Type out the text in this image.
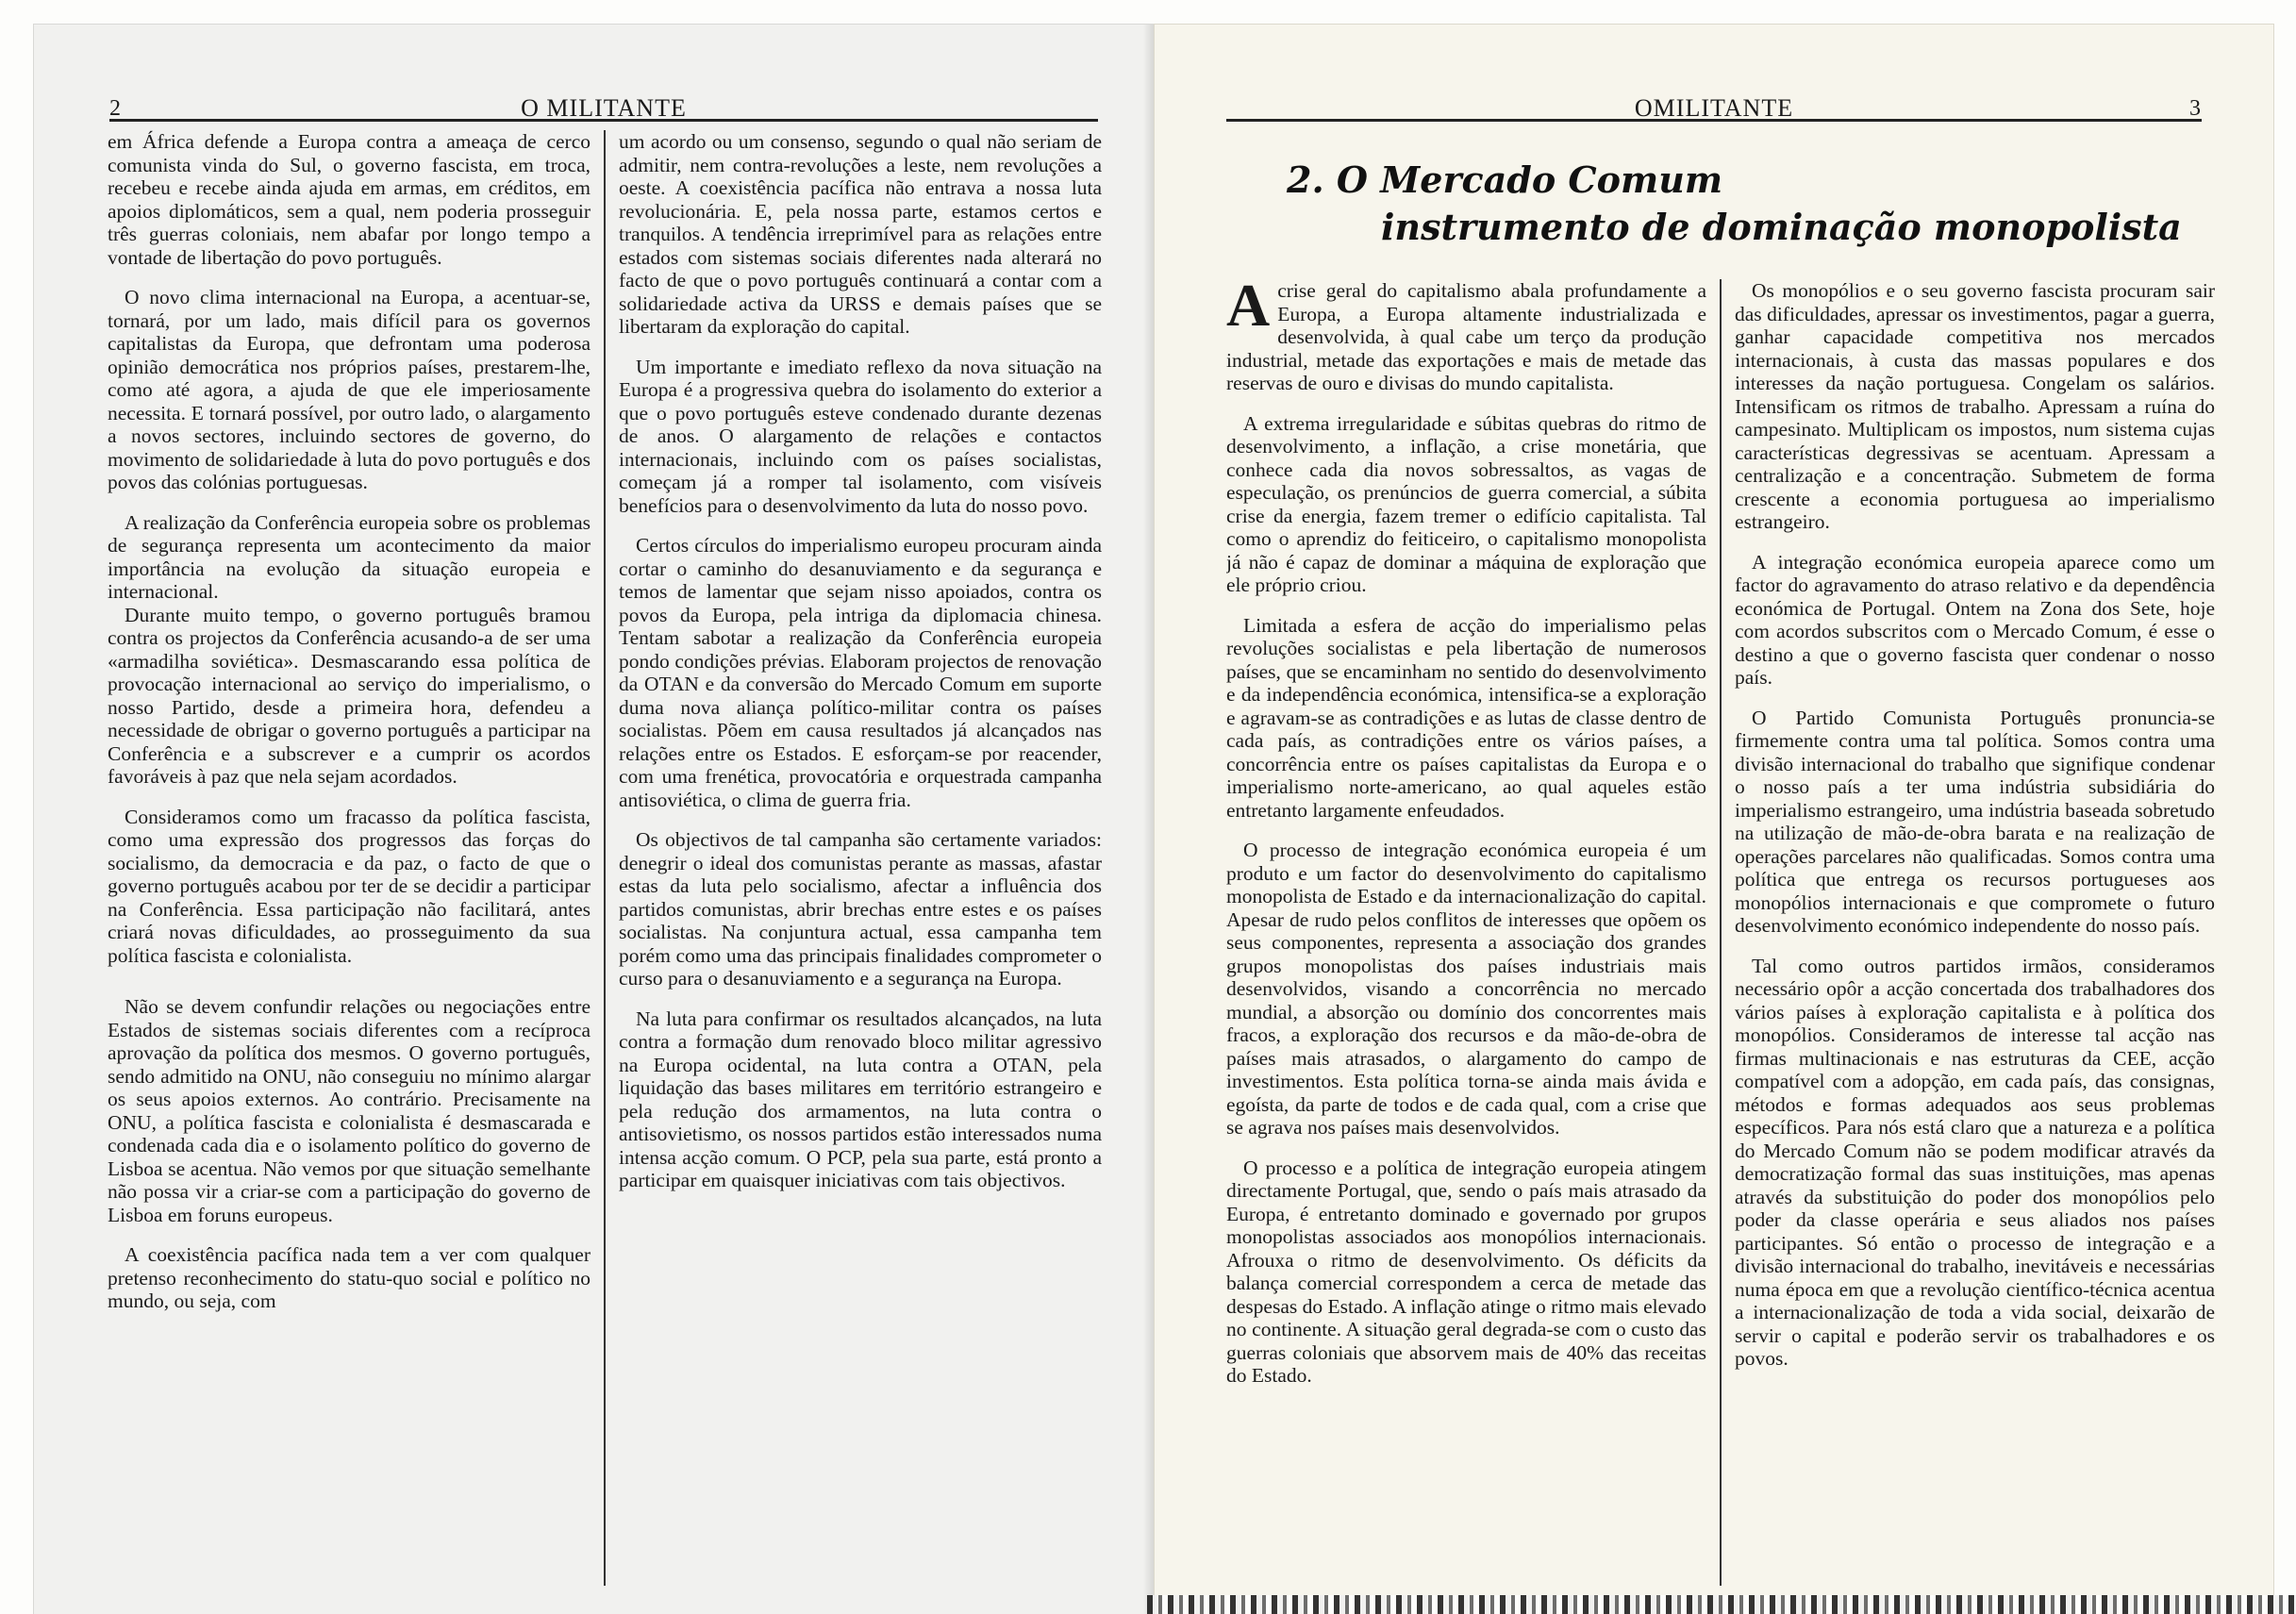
2	O MILITANTE

em África defende a Europa contra a ameaça de cerco comunista vinda do Sul, o governo fascista, em troca, recebeu e recebe ainda ajuda em armas, em créditos, em apoios diplomáticos, sem a qual, nem poderia prosseguir três guerras coloniais, nem abafar por longo tempo a vontade de libertação do povo português.

O novo clima internacional na Europa, a acentuar-se, tornará, por um lado, mais difícil para os governos capitalistas da Europa, que defrontam uma poderosa opinião democrática nos próprios países, prestarem-lhe, como até agora, a ajuda de que ele imperiosamente necessita. E tornará possível, por outro lado, o alargamento a novos sectores, incluindo sectores de governo, do movimento de solidariedade à luta do povo português e dos povos das colónias portuguesas.

A realização da Conferência europeia sobre os problemas de segurança representa um acontecimento da maior importância na evolução da situação europeia e internacional.

Durante muito tempo, o governo português bramou contra os projectos da Conferência acusando-a de ser uma «armadilha soviética». Desmascarando essa política de provocação internacional ao serviço do imperialismo, o nosso Partido, desde a primeira hora, defendeu a necessidade de obrigar o governo português a participar na Conferência e a subscrever e a cumprir os acordos favoráveis à paz que nela sejam acordados.

Consideramos como um fracasso da política fascista, como uma expressão dos progressos das forças do socialismo, da democracia e da paz, o facto de que o governo português acabou por ter de se decidir a participar na Conferência. Essa participação não facilitará, antes criará novas dificuldades, ao prosseguimento da sua política fascista e colonialista.

Não se devem confundir relações ou negociações entre Estados de sistemas sociais diferentes com a recíproca aprovação da política dos mesmos. O governo português, sendo admitido na ONU, não conseguiu no mínimo alargar os seus apoios externos. Ao contrário. Precisamente na ONU, a política fascista e colonialista é desmascarada e condenada cada dia e o isolamento político do governo de Lisboa se acentua. Não vemos por que situação semelhante não possa vir a criar-se com a participação do governo de Lisboa em foruns europeus.

A coexistência pacífica nada tem a ver com qualquer pretenso reconhecimento do statu-quo social e político no mundo, ou seja, com

um acordo ou um consenso, segundo o qual não seriam de admitir, nem contra-revoluções a leste, nem revoluções a oeste. A coexistência pacífica não entrava a nossa luta revolucionária. E, pela nossa parte, estamos certos e tranquilos. A tendência irreprimível para as relações entre estados com sistemas sociais diferentes nada alterará no facto de que o povo português continuará a contar com a solidariedade activa da URSS e demais países que se libertaram da exploração do capital.

Um importante e imediato reflexo da nova situação na Europa é a progressiva quebra do isolamento do exterior a que o povo português esteve condenado durante dezenas de anos. O alargamento de relações e contactos internacionais, incluindo com os países socialistas, começam já a romper tal isolamento, com visíveis benefícios para o desenvolvimento da luta do nosso povo.

Certos círculos do imperialismo europeu procuram ainda cortar o caminho do desanuviamento e da segurança e temos de lamentar que sejam nisso apoiados, contra os povos da Europa, pela intriga da diplomacia chinesa. Tentam sabotar a realização da Conferência europeia pondo condições prévias. Elaboram projectos de renovação da OTAN e da conversão do Mercado Comum em suporte duma nova aliança político-militar contra os países socialistas. Põem em causa resultados já alcançados nas relações entre os Estados. E esforçam-se por reacender, com uma frenética, provocatória e orquestrada campanha antisoviética, o clima de guerra fria.

Os objectivos de tal campanha são certamente variados: denegrir o ideal dos comunistas perante as massas, afastar estas da luta pelo socialismo, afectar a influência dos partidos comunistas, abrir brechas entre estes e os países socialistas. Na conjuntura actual, essa campanha tem porém como uma das principais finalidades comprometer o curso para o desanuviamento e a segurança na Europa.

Na luta para confirmar os resultados alcançados, na luta contra a formação dum renovado bloco militar agressivo na Europa ocidental, na luta contra a OTAN, pela liquidação das bases militares em território estrangeiro e pela redução dos armamentos, na luta contra o antisovietismo, os nossos partidos estão interessados numa intensa acção comum. O PCP, pela sua parte, está pronto a participar em quaisquer iniciativas com tais objectivos.

OMILITANTE	3
2. O Mercado Comum
instrumento de dominação monopolista

A crise geral do capitalismo abala profundamente a Europa, a Europa altamente industrializada e desenvolvida, à qual cabe um terço da produção industrial, metade das exportações e mais de metade das reservas de ouro e divisas do mundo capitalista.

A extrema irregularidade e súbitas quebras do ritmo de desenvolvimento, a inflação, a crise monetária, que conhece cada dia novos sobressaltos, as vagas de especulação, os prenúncios de guerra comercial, a súbita crise da energia, fazem tremer o edifício capitalista. Tal como o aprendiz do feiticeiro, o capitalismo monopolista já não é capaz de dominar a máquina de exploração que ele próprio criou.

Limitada a esfera de acção do imperialismo pelas revoluções socialistas e pela libertação de numerosos países, que se encaminham no sentido do desenvolvimento e da independência económica, intensifica-se a exploração e agravam-se as contradições e as lutas de classe dentro de cada país, as contradições entre os vários países, a concorrência entre os países capitalistas da Europa e o imperialismo norte-americano, ao qual aqueles estão entretanto largamente enfeudados.

O processo de integração económica europeia é um produto e um factor do desenvolvimento do capitalismo monopolista de Estado e da internacionalização do capital. Apesar de rudo pelos conflitos de interesses que opõem os seus componentes, representa a associação dos grandes grupos monopolistas dos países industriais mais desenvolvidos, visando a concorrência no mercado mundial, a absorção ou domínio dos concorrentes mais fracos, a exploração dos recursos e da mão-de-obra de países mais atrasados, o alargamento do campo de investimentos. Esta política torna-se ainda mais ávida e egoísta, da parte de todos e de cada qual, com a crise que se agrava nos países mais desenvolvidos.

O processo e a política de integração europeia atingem directamente Portugal, que, sendo o país mais atrasado da Europa, é entretanto dominado e governado por grupos monopolistas associados aos monopólios internacionais. Afrouxa o ritmo de desenvolvimento. Os déficits da balança comercial correspondem a cerca de metade das despesas do Estado. A inflação atinge o ritmo mais elevado no continente. A situação geral degrada-se com o custo das guerras coloniais que absorvem mais de 40% das receitas do Estado.

Os monopólios e o seu governo fascista procuram sair das dificuldades, apressar os investimentos, pagar a guerra, ganhar capacidade competitiva nos mercados internacionais, à custa das massas populares e dos interesses da nação portuguesa. Congelam os salários. Intensificam os ritmos de trabalho. Apressam a ruína do campesinato. Multiplicam os impostos, num sistema cujas características degressivas se acentuam. Apressam a centralização e a concentração. Submetem de forma crescente a economia portuguesa ao imperialismo estrangeiro.

A integração económica europeia aparece como um factor do agravamento do atraso relativo e da dependência económica de Portugal. Ontem na Zona dos Sete, hoje com acordos subscritos com o Mercado Comum, é esse o destino a que o governo fascista quer condenar o nosso país.

O Partido Comunista Português pronuncia-se firmemente contra uma tal política. Somos contra uma divisão internacional do trabalho que signifique condenar o nosso país a ter uma indústria subsidiária do imperialismo estrangeiro, uma indústria baseada sobretudo na utilização de mão-de-obra barata e na realização de operações parcelares não qualificadas. Somos contra uma política que entrega os recursos portugueses aos monopólios internacionais e que compromete o futuro desenvolvimento económico independente do nosso país.

Tal como outros partidos irmãos, consideramos necessário opôr a acção concertada dos trabalhadores dos vários países à exploração capitalista e à política dos monopólios. Consideramos de interesse tal acção nas firmas multinacionais e nas estruturas da CEE, acção compatível com a adopção, em cada país, das consignas, métodos e formas adequados aos seus problemas específicos. Para nós está claro que a natureza e a política do Mercado Comum não se podem modificar através da democratização formal das suas instituições, mas apenas através da substituição do poder dos monopólios pelo poder da classe operária e seus aliados nos países participantes. Só então o processo de integração e a divisão internacional do trabalho, inevitáveis e necessárias numa época em que a revolução científico-técnica acentua a internacionalização de toda a vida social, deixarão de servir o capital e poderão servir os trabalhadores e os povos.
